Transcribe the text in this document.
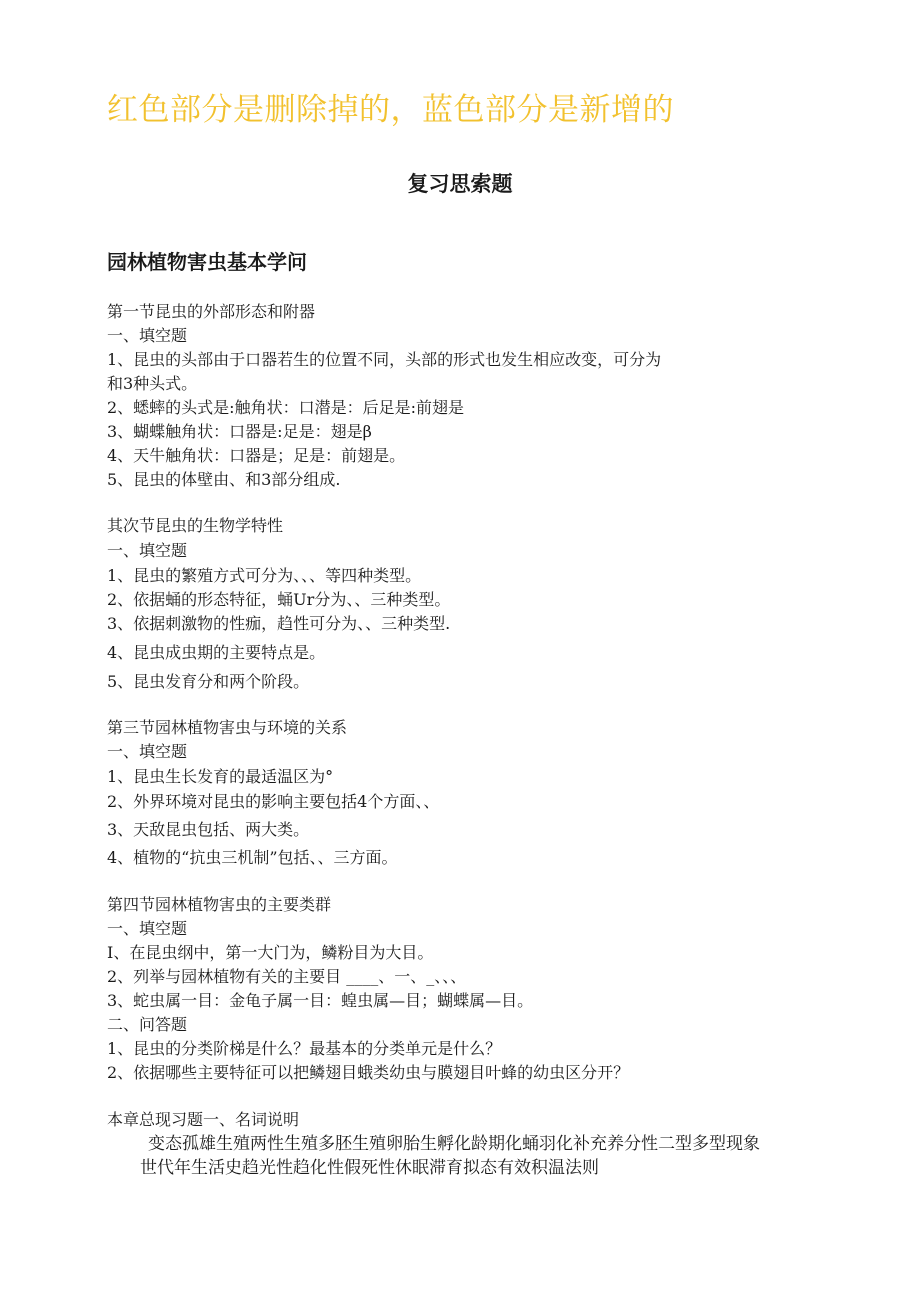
红色部分是删除掉的，蓝色部分是新增的
复习思索题
园林植物害虫基本学问
第一节昆虫的外部形态和附器
一、填空题
1、昆虫的头部由于口器若生的位置不同，头部的形式也发生相应改变，可分为
和3种头式。
2、蟋蟀的头式是:触角状：口潜是：后足是:前翅是
3、蝴蝶触角状：口器是:足是：翅是β
4、天牛触角状：口器是；足是：前翅是。
5、昆虫的体壁由、和3部分组成.
其次节昆虫的生物学特性
一、填空题
1、昆虫的繁殖方式可分为、、、等四种类型。
2、依据蛹的形态特征，蛹Ur分为、、三种类型。
3、依据刺激物的性痂，趋性可分为、、三种类型.
4、昆虫成虫期的主要特点是。
5、昆虫发育分和两个阶段。
第三节园林植物害虫与环境的关系
一、填空题
1、昆虫生长发育的最适温区为°
2、外界环境对昆虫的影响主要包括4个方面、、
3、天敌昆虫包括、两大类。
4、植物的“抗虫三机制”包括、、三方面。
第四节园林植物害虫的主要类群
一、填空题
I、在昆虫纲中，第一大门为，鳞粉目为大目。
2、列举与园林植物有关的主要目 ____、一、_、、、
3、蛇虫属一目：金龟子属一目：蝗虫属—目；蝴蝶属—目。
二、问答题
1、昆虫的分类阶梯是什么？最基本的分类单元是什么？
2、依据哪些主要特征可以把鳞翅目蛾类幼虫与膜翅目叶蜂的幼虫区分开？
本章总现习题一、名词说明
变态孤雄生殖两性生殖多胚生殖卵胎生孵化龄期化蛹羽化补充养分性二型多型现象
世代年生活史趋光性趋化性假死性休眠滞育拟态有效积温法则
